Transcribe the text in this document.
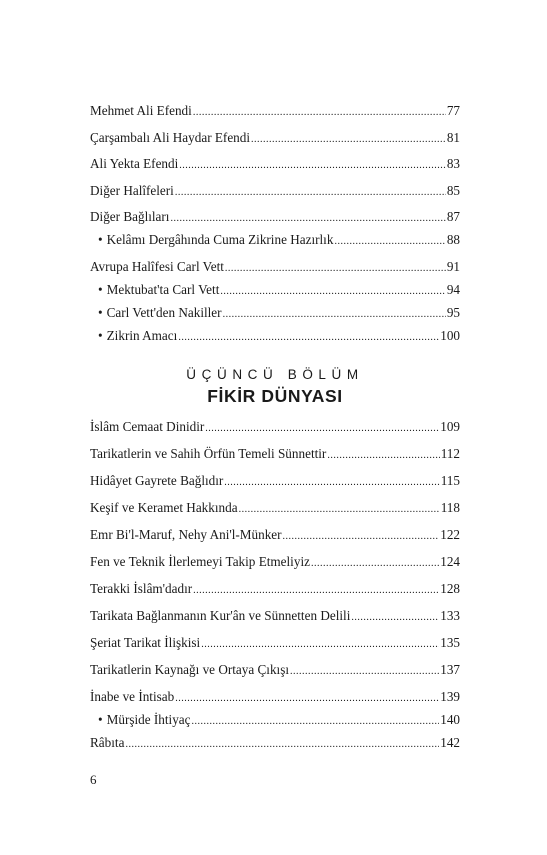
Mehmet Ali Efendi .....	77
Çarşambalı Ali Haydar Efendi .....	81
Ali Yekta Efendi .....	83
Diğer Halîfeleri .....	85
Diğer Bağlıları .....	87
• Kelâmı Dergâhında Cuma Zikrine Hazırlık .....	88
Avrupa Halîfesi Carl Vett .....	91
• Mektubat'ta Carl Vett .....	94
• Carl Vett'den Nakiller .....	95
• Zikrin Amacı .....	100
ÜÇÜNCÜ BÖLÜM
FİKİR DÜNYASI
İslâm Cemaat Dinidir .....	109
Tarikatlerin ve Sahih Örfün Temeli Sünnettir .....	112
Hidâyet Gayrete Bağlıdır .....	115
Keşif ve Keramet Hakkında .....	118
Emr Bi'l-Maruf, Nehy Ani'l-Münker .....	122
Fen ve Teknik İlerlemeyi Takip Etmeliyiz .....	124
Terakki İslâm'dadır .....	128
Tarikata Bağlanmanın Kur'ân ve Sünnetten Delili .....	133
Şeriat Tarikat İlişkisi .....	135
Tarikatlerin Kaynağı ve Ortaya Çıkışı .....	137
İnabe ve İntisab .....	139
• Mürşide İhtiyaç .....	140
Râbıta .....	142
6
